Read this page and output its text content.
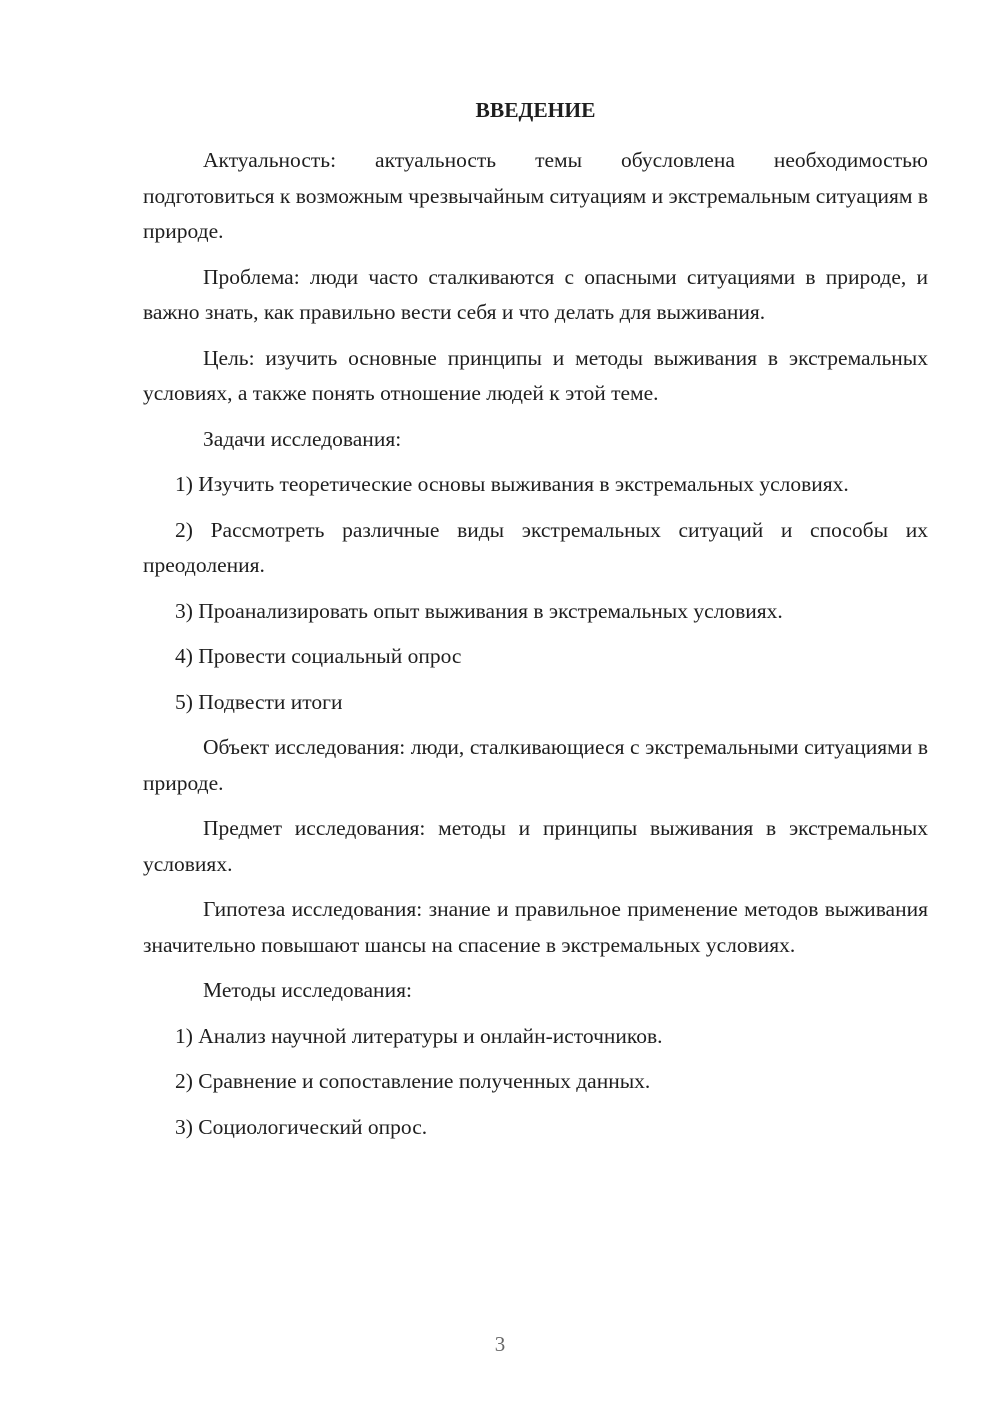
ВВЕДЕНИЕ

Актуальность: актуальность темы обусловлена необходимостью подготовиться к возможным чрезвычайным ситуациям и экстремальным ситуациям в природе.

Проблема: люди часто сталкиваются с опасными ситуациями в природе, и важно знать, как правильно вести себя и что делать для выживания.

Цель: изучить основные принципы и методы выживания в экстремальных условиях, а также понять отношение людей к этой теме.

Задачи исследования:

1) Изучить теоретические основы выживания в экстремальных условиях.

2) Рассмотреть различные виды экстремальных ситуаций и способы их преодоления.

3) Проанализировать опыт выживания в экстремальных условиях.

4) Провести социальный опрос

5) Подвести итоги

Объект исследования: люди, сталкивающиеся с экстремальными ситуациями в природе.

Предмет исследования: методы и принципы выживания в экстремальных условиях.

Гипотеза исследования: знание и правильное применение методов выживания значительно повышают шансы на спасение в экстремальных условиях.

Методы исследования:

1) Анализ научной литературы и онлайн-источников.

2) Сравнение и сопоставление полученных данных.

3) Социологический опрос.

3
